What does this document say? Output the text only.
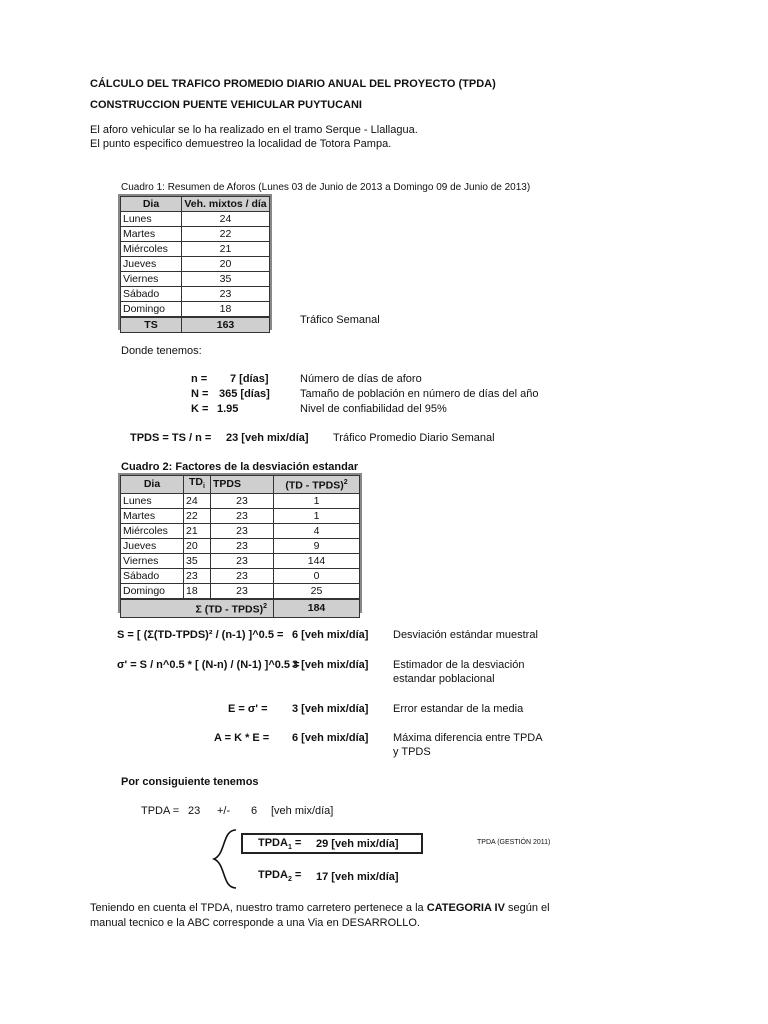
CÁLCULO DEL TRAFICO PROMEDIO DIARIO ANUAL DEL PROYECTO (TPDA)
CONSTRUCCION PUENTE VEHICULAR PUYTUCANI
El aforo vehicular se lo ha realizado en el tramo Serque - Llallagua.
El punto especifico demuestreo la localidad de Totora Pampa.
Cuadro 1: Resumen de Aforos (Lunes 03 de Junio de 2013 a Domingo 09 de Junio de 2013)
Dia	Veh. mixtos / día
Lunes	24
Martes	22
Miércoles	21
Jueves	20
Viernes	35
Sábado	23
Domingo	18
TS	163	Tráfico Semanal
Donde tenemos:
n = 7 [días]	Número de días de aforo
N = 365 [días]	Tamaño de población en número de días del año
K = 1.95	Nivel de confiabilidad del 95%
TPDS = TS / n = 23 [veh mix/día] Tráfico Promedio Diario Semanal
Cuadro 2: Factores de la desviación estandar
Dia	$TD_i$	TPDS	(TD - TPDS)$^2$
Lunes	24	23	1
Martes	22	23	1
Miércoles	21	23	4
Jueves	20	23	9
Viernes	35	23	144
Sábado	23	23	0
Domingo	18	23	25
Σ (TD - TPDS)$^2$			184
S = [ (Σ(TD-TPDS)² / (n-1) ]^0.5 = 6 [veh mix/día] Desviación estándar muestral
σ' = S / n^0.5 * [ (N-n) / (N-1) ]^0.5 =
3 [veh mix/día] Estimador de la desviación
estandar poblacional
E = σ' = 3 [veh mix/día] Error estandar de la media
A = K * E = 6 [veh mix/día] Máxima diferencia entre TPDA
y TPDS
Por consiguiente tenemos
TPDA = 23 +/- 6 [veh mix/día]
$TPDA_1 = 29$ [veh mix/día]	TPDA (GESTIÓN 2011)
$TPDA_2 = 17$ [veh mix/día]
Teniendo en cuenta el TPDA, nuestro tramo carretero pertenece a la CATEGORIA IV según el
manual tecnico e la ABC corresponde a una Via en DESARROLLO.
